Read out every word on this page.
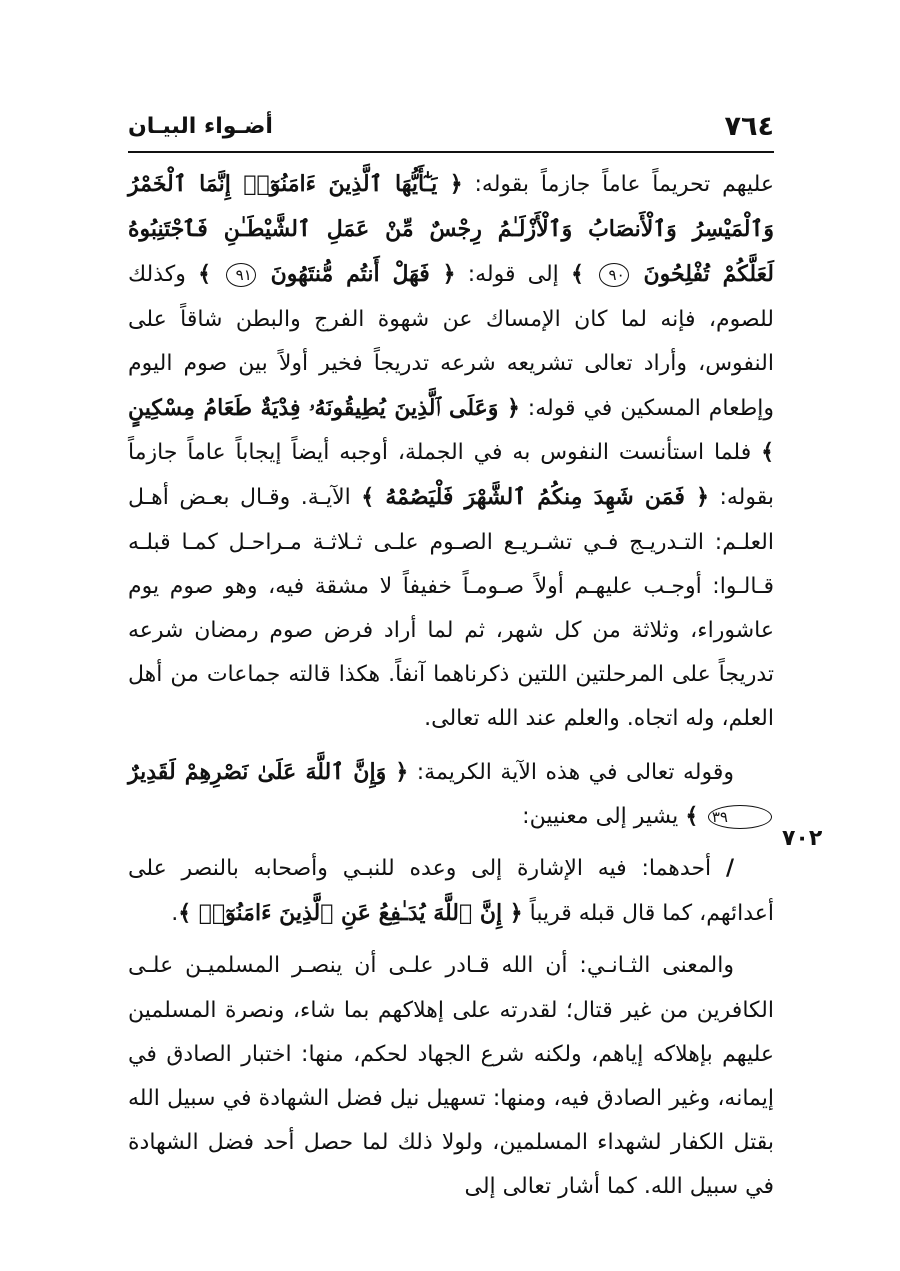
٧٦٤
أضـواء البيـان
٧٠٢

عليهم تحريماً عاماً جازماً بقوله: ﴿ يَـٰٓأَيُّهَا ٱلَّذِينَ ءَامَنُوٓا۟ إِنَّمَا ٱلْخَمْرُ وَٱلْمَيْسِرُ وَٱلْأَنصَابُ وَٱلْأَزْلَـٰمُ رِجْسٌ مِّنْ عَمَلِ ٱلشَّيْطَـٰنِ فَٱجْتَنِبُوهُ لَعَلَّكُمْ تُفْلِحُونَ ٩٠ ﴾ إلى قوله: ﴿ فَهَلْ أَنتُم مُّنتَهُونَ ٩١ ﴾ وكذلك للصوم، فإنه لما كان الإمساك عن شهوة الفرج والبطن شاقاً على النفوس، وأراد تعالى تشريعه شرعه تدريجاً فخير أولاً بين صوم اليوم وإطعام المسكين في قوله: ﴿ وَعَلَى ٱلَّذِينَ يُطِيقُونَهُۥ فِدْيَةٌ طَعَامُ مِسْكِينٍ ﴾ فلما استأنست النفوس به في الجملة، أوجبه أيضاً إيجاباً عاماً جازماً بقوله: ﴿ فَمَن شَهِدَ مِنكُمُ ٱلشَّهْرَ فَلْيَصُمْهُ ﴾ الآيـة. وقـال بعـض أهـل العلـم: التـدريـج فـي تشـريـع الصـوم علـى ثـلاثـة مـراحـل كمـا قبلـه قـالـوا: أوجـب عليهـم أولاً صـومـاً خفيفاً لا مشقة فيه، وهو صوم يوم عاشوراء، وثلاثة من كل شهر، ثم لما أراد فرض صوم رمضان شرعه تدريجاً على المرحلتين اللتين ذكرناهما آنفاً. هكذا قالته جماعات من أهل العلم، وله اتجاه. والعلم عند الله تعالى.

وقوله تعالى في هذه الآية الكريمة: ﴿ وَإِنَّ ٱللَّهَ عَلَىٰ نَصْرِهِمْ لَقَدِيرٌ ٣٩ ﴾ يشير إلى معنيين:

/ أحدهما: فيه الإشارة إلى وعده للنبـي وأصحابه بالنصر على أعدائهم، كما قال قبله قريباً ﴿ إِنَّ ٱللَّهَ يُدَـٰفِعُ عَنِ ٱلَّذِينَ ءَامَنُوٓا۟ ﴾.

والمعنى الثـانـي: أن الله قـادر علـى أن ينصـر المسلميـن علـى الكافرين من غير قتال؛ لقدرته على إهلاكهم بما شاء، ونصرة المسلمين عليهم بإهلاكه إياهم، ولكنه شرع الجهاد لحكم، منها: اختبار الصادق في إيمانه، وغير الصادق فيه، ومنها: تسهيل نيل فضل الشهادة في سبيل الله بقتل الكفار لشهداء المسلمين، ولولا ذلك لما حصل أحد فضل الشهادة في سبيل الله. كما أشار تعالى إلى
